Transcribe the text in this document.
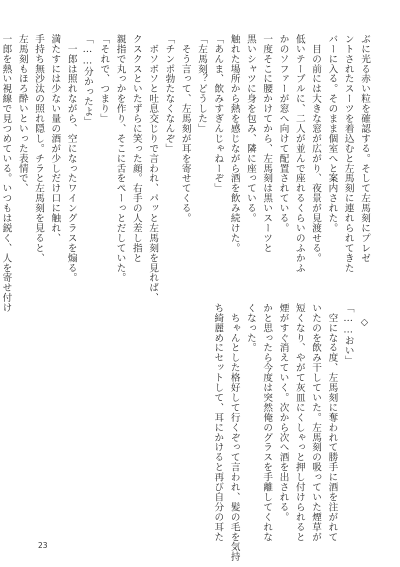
ぶに光る赤い粒を確認する。そして左馬刻にプレゼ
ントされたスーツを着込むと左馬刻に連れられてきた
バーに入る。そのまま個室へと案内された。
　目の前には大きな窓が広がり、夜景が見渡せる。
低いテーブルに、二人が並んで座れるくらいのふかふ
かのソファーが窓へ向けて配置されている。
一度そこに腰かけてから、左馬刻は黒いスーツと
黒いシャツに身を包み、隣に座っている。
触れた場所から熱を感じながら酒を飲み続けた。
「あんま、飲みすぎんじゃねーぞ」
「左馬刻？どうした」
　そう言って、左馬刻が耳を寄せてくる。
「チンポ勃たなくなんぞ」
　ボソボソと吐息交じりで言われ、パッと左馬刻を見れば、
クスクスといたずらに笑った顔。右手の人差し指と
親指で丸っかを作り、そこに舌をぺーっとだしていた。
「それで、つまり」
「……分かったよ」
　一郎は照れながら、空になったワイングラスを煽る。
満たすには少ない量の酒が少しだけ口に触れ、
手持ち無沙汰の照れ隠し。チラと左馬刻を見ると、
左馬刻もほろ酔いといった表情で、
一郎を熱い視線で見つめている。いつもは鋭く、人を寄せ付け
◇
「……おい」
　空になる度、左馬刻に奪われて勝手に酒を注がれて
いたのを飲み干していた。左馬刻の吸っていた煙草が
短くなり、やがて灰皿にくしゃっと押し付けられると
煙がすぐ消えていく。次から次へ酒を出される。
かと思ったら今度は突然俺のグラスを手離してくれな
くなった。
　ちゃんとした格好して行くぞって言われ、髪の毛を気持
ち綺麗めにセットして、耳にかけると再び自分の耳た
23
